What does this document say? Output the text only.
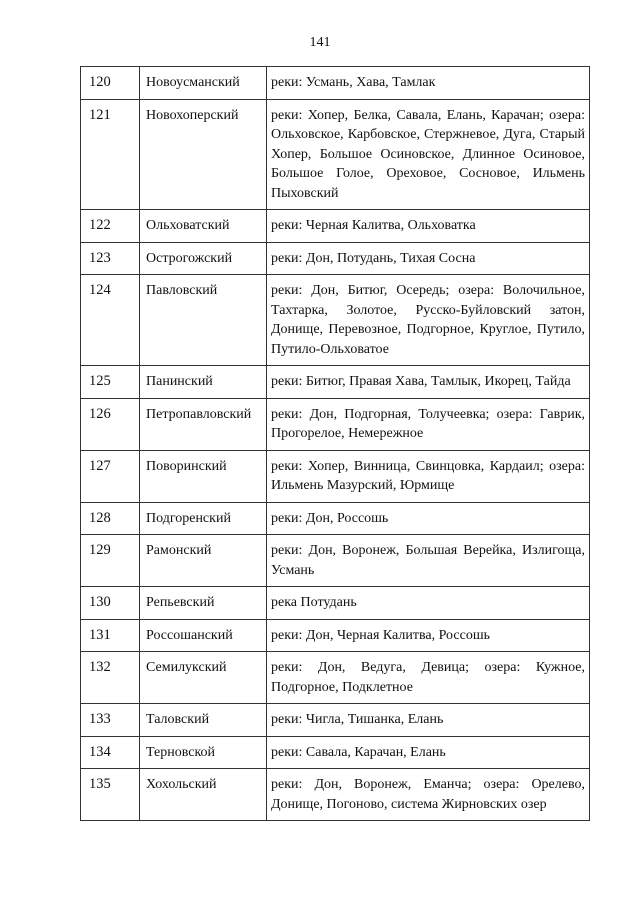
141
120	Новоусманский	реки: Усмань, Хава, Тамлак
121	Новохоперский	реки: Хопер, Белка, Савала, Елань, Карачан; озера: Ольховское, Карбовское, Стержневое, Дуга, Старый Хопер, Большое Осиновское, Длинное Осиновое, Большое Голое, Ореховое, Сосновое, Ильмень Пыховский
122	Ольховатский	реки: Черная Калитва, Ольховатка
123	Острогожский	реки: Дон, Потудань, Тихая Сосна
124	Павловский	реки: Дон, Битюг, Осередь; озера: Волочильное, Тахтарка, Золотое, Русско-Буйловский затон, Донище, Перевозное, Подгорное, Круглое, Путило, Путило-Ольховатое
125	Панинский	реки: Битюг, Правая Хава, Тамлык, Икорец, Тайда
126	Петропавловский	реки: Дон, Подгорная, Толучеевка; озера: Гаврик, Прогорелое, Немережное
127	Поворинский	реки: Хопер, Винница, Свинцовка, Кардаил; озера: Ильмень Мазурский, Юрмище
128	Подгоренский	реки: Дон, Россошь
129	Рамонский	реки: Дон, Воронеж, Большая Верейка, Излигоща, Усмань
130	Репьевский	река Потудань
131	Россошанский	реки: Дон, Черная Калитва, Россошь
132	Семилукский	реки: Дон, Ведуга, Девица; озера: Кужное, Подгорное, Подклетное
133	Таловский	реки: Чигла, Тишанка, Елань
134	Терновской	реки: Савала, Карачан, Елань
135	Хохольский	реки: Дон, Воронеж, Еманча; озера: Орелево, Донище, Погоново, система Жирновских озер
